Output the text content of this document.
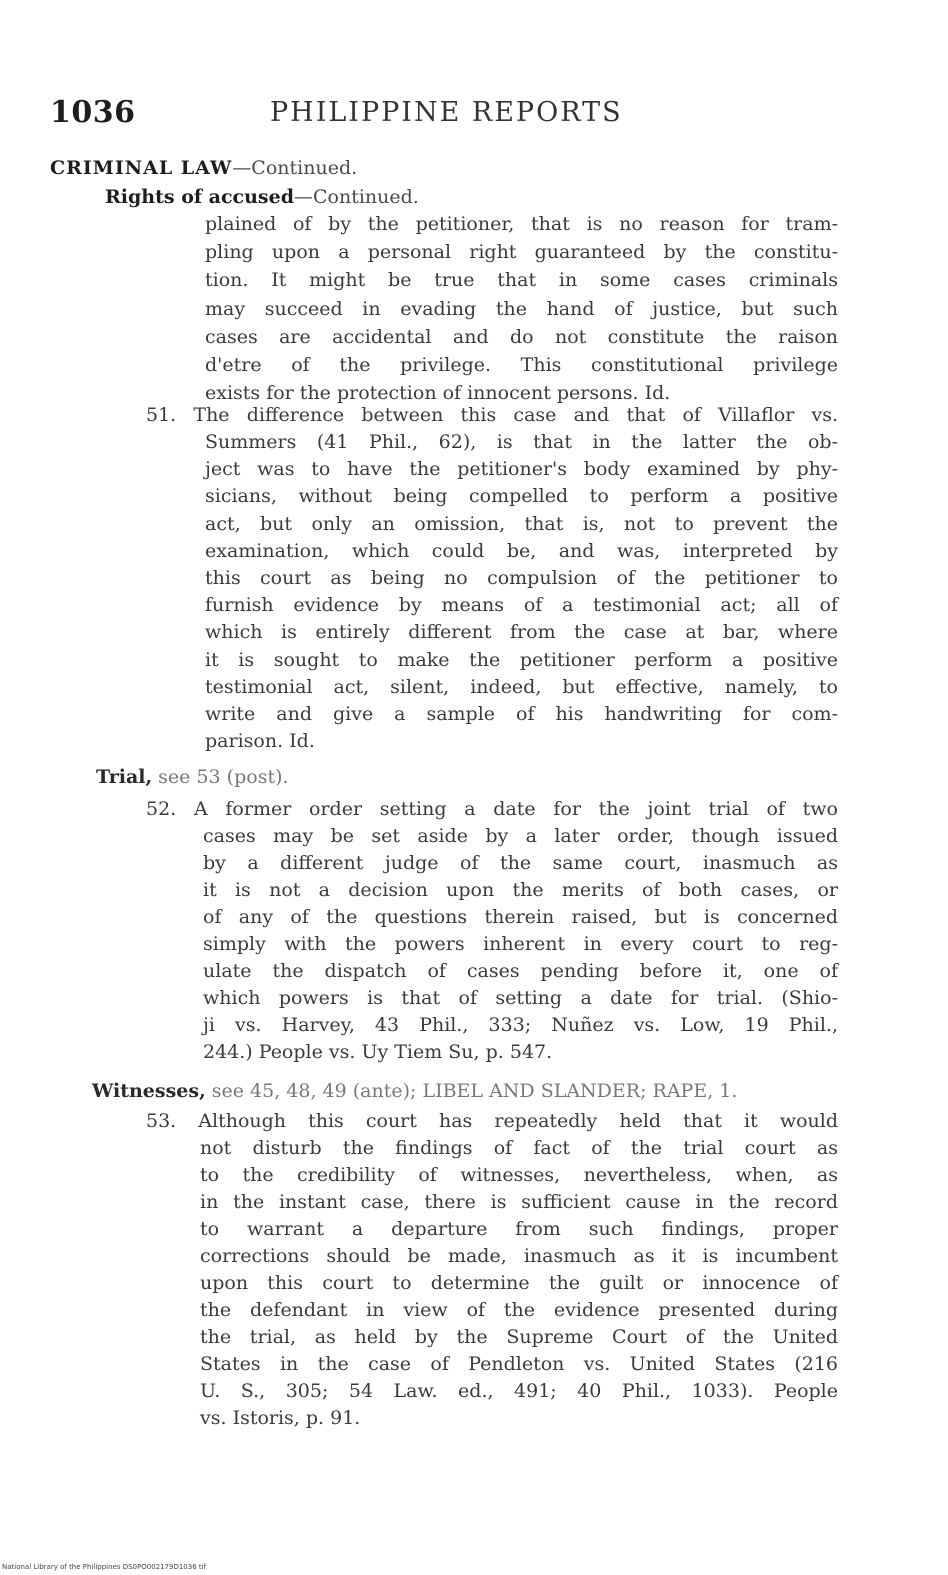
1036	PHILIPPINE REPORTS
CRIMINAL LAW—Continued.
Rights of accused—Continued.
plained of by the petitioner, that is no reason for tram-
pling upon a personal right guaranteed by the constitu-
tion. It might be true that in some cases criminals
may succeed in evading the hand of justice, but such
cases are accidental and do not constitute the raison
d'etre of the privilege. This constitutional privilege
exists for the protection of innocent persons. Id.
51. The difference between this case and that of Villaflor vs.
Summers (41 Phil., 62), is that in the latter the ob-
ject was to have the petitioner's body examined by phy-
sicians, without being compelled to perform a positive
act, but only an omission, that is, not to prevent the
examination, which could be, and was, interpreted by
this court as being no compulsion of the petitioner to
furnish evidence by means of a testimonial act; all of
which is entirely different from the case at bar, where
it is sought to make the petitioner perform a positive
testimonial act, silent, indeed, but effective, namely, to
write and give a sample of his handwriting for com-
parison. Id.
Trial, see 53 (post).
52. A former order setting a date for the joint trial of two
cases may be set aside by a later order, though issued
by a different judge of the same court, inasmuch as
it is not a decision upon the merits of both cases, or
of any of the questions therein raised, but is concerned
simply with the powers inherent in every court to reg-
ulate the dispatch of cases pending before it, one of
which powers is that of setting a date for trial. (Shio-
ji vs. Harvey, 43 Phil., 333; Nuñez vs. Low, 19 Phil.,
244.) People vs. Uy Tiem Su, p. 547.
Witnesses, see 45, 48, 49 (ante); LIBEL AND SLANDER; RAPE, 1.
53. Although this court has repeatedly held that it would
not disturb the findings of fact of the trial court as
to the credibility of witnesses, nevertheless, when, as
in the instant case, there is sufficient cause in the record
to warrant a departure from such findings, proper
corrections should be made, inasmuch as it is incumbent
upon this court to determine the guilt or innocence of
the defendant in view of the evidence presented during
the trial, as held by the Supreme Court of the United
States in the case of Pendleton vs. United States (216
U. S., 305; 54 Law. ed., 491; 40 Phil., 1033). People
vs. Istoris, p. 91.
National Library of the Philippines DS0PO002179D1036 tif
